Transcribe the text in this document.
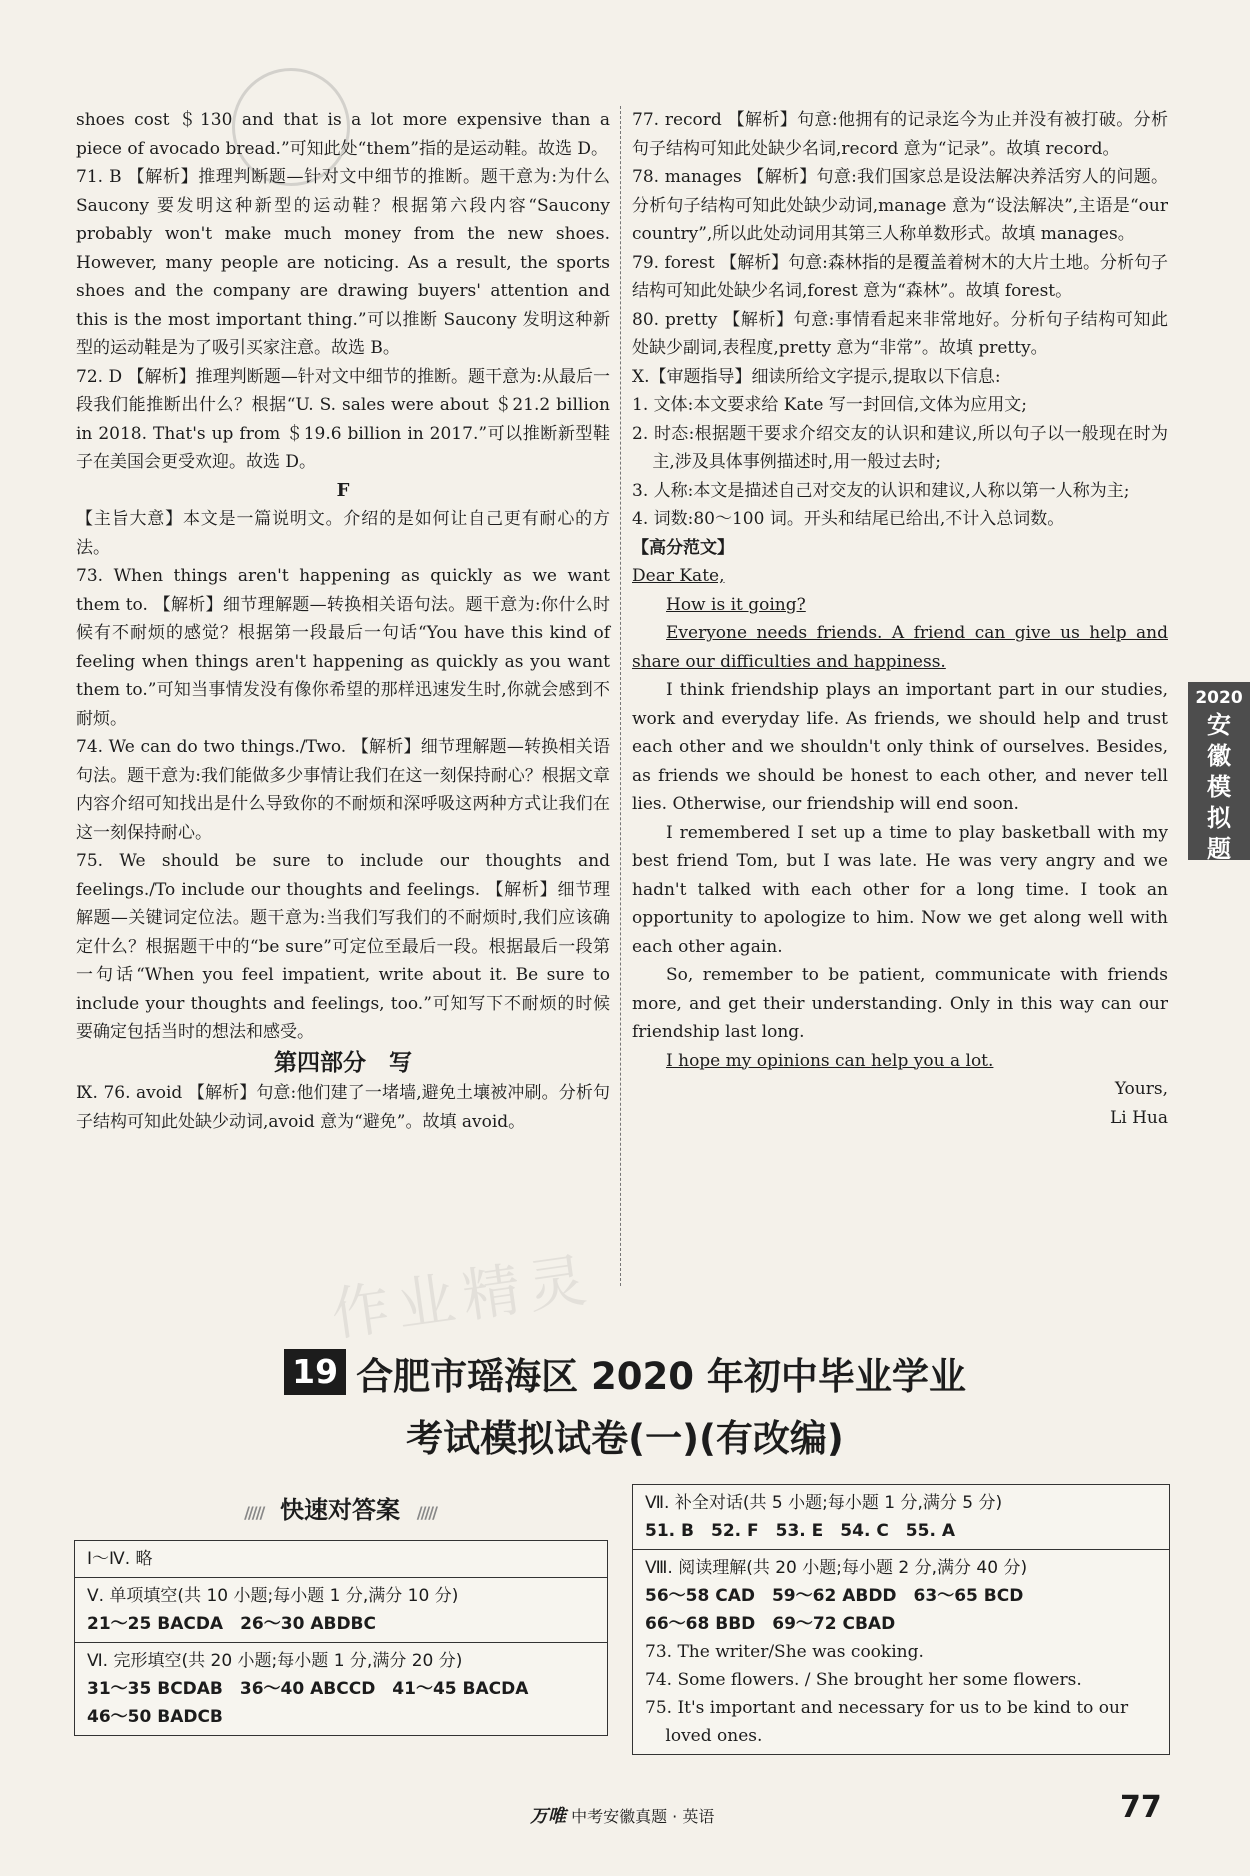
shoes cost ＄130 and that is a lot more expensive than a piece of avocado bread.”可知此处“them”指的是运动鞋。故选 D。

71. B 【解析】推理判断题—针对文中细节的推断。题干意为:为什么 Saucony 要发明这种新型的运动鞋？根据第六段内容“Saucony probably won't make much money from the new shoes. However, many people are noticing. As a result, the sports shoes and the company are drawing buyers' attention and this is the most important thing.”可以推断 Saucony 发明这种新型的运动鞋是为了吸引买家注意。故选 B。

72. D 【解析】推理判断题—针对文中细节的推断。题干意为:从最后一段我们能推断出什么？根据“U. S. sales were about ＄21.2 billion in 2018. That's up from ＄19.6 billion in 2017.”可以推断新型鞋子在美国会更受欢迎。故选 D。

F

【主旨大意】本文是一篇说明文。介绍的是如何让自己更有耐心的方法。

73. When things aren't happening as quickly as we want them to. 【解析】细节理解题—转换相关语句法。题干意为:你什么时候有不耐烦的感觉？根据第一段最后一句话“You have this kind of feeling when things aren't happening as quickly as you want them to.”可知当事情发没有像你希望的那样迅速发生时,你就会感到不耐烦。

74. We can do two things./Two. 【解析】细节理解题—转换相关语句法。题干意为:我们能做多少事情让我们在这一刻保持耐心？根据文章内容介绍可知找出是什么导致你的不耐烦和深呼吸这两种方式让我们在这一刻保持耐心。

75. We should be sure to include our thoughts and feelings./To include our thoughts and feelings. 【解析】细节理解题—关键词定位法。题干意为:当我们写我们的不耐烦时,我们应该确定什么？根据题干中的“be sure”可定位至最后一段。根据最后一段第一句话“When you feel impatient, write about it. Be sure to include your thoughts and feelings, too.”可知写下不耐烦的时候要确定包括当时的想法和感受。

第四部分　写

Ⅸ. 76. avoid 【解析】句意:他们建了一堵墙,避免土壤被冲刷。分析句子结构可知此处缺少动词,avoid 意为“避免”。故填 avoid。

77. record 【解析】句意:他拥有的记录迄今为止并没有被打破。分析句子结构可知此处缺少名词,record 意为“记录”。故填 record。

78. manages 【解析】句意:我们国家总是设法解决养活穷人的问题。分析句子结构可知此处缺少动词,manage 意为“设法解决”,主语是“our country”,所以此处动词用其第三人称单数形式。故填 manages。

79. forest 【解析】句意:森林指的是覆盖着树木的大片土地。分析句子结构可知此处缺少名词,forest 意为“森林”。故填 forest。

80. pretty 【解析】句意:事情看起来非常地好。分析句子结构可知此处缺少副词,表程度,pretty 意为“非常”。故填 pretty。

Ⅹ.【审题指导】细读所给文字提示,提取以下信息:

1. 文体:本文要求给 Kate 写一封回信,文体为应用文;

2. 时态:根据题干要求介绍交友的认识和建议,所以句子以一般现在时为主,涉及具体事例描述时,用一般过去时;

3. 人称:本文是描述自己对交友的认识和建议,人称以第一人称为主;

4. 词数:80～100 词。开头和结尾已给出,不计入总词数。

【高分范文】

Dear Kate,

How is it going?

Everyone needs friends. A friend can give us help and share our difficulties and happiness.

I think friendship plays an important part in our studies, work and everyday life. As friends, we should help and trust each other and we shouldn't only think of ourselves. Besides, as friends we should be honest to each other, and never tell lies. Otherwise, our friendship will end soon.

I remembered I set up a time to play basketball with my best friend Tom, but I was late. He was very angry and we hadn't talked with each other for a long time. I took an opportunity to apologize to him. Now we get along well with each other again.

So, remember to be patient, communicate with friends more, and get their understanding. Only in this way can our friendship last long.

I hope my opinions can help you a lot.

Yours,

Li Hua

2020
安徽模拟题
作业精灵
19 合肥市瑶海区 2020 年初中毕业学业
考试模拟试卷(一)(有改编)
///// 快速对答案 /////
Ⅰ～Ⅳ. 略
Ⅴ. 单项填空(共 10 小题;每小题 1 分,满分 10 分)
21～25 BACDA　26～30 ABDBC
Ⅵ. 完形填空(共 20 小题;每小题 1 分,满分 20 分)
31～35 BCDAB　36～40 ABCCD　41～45 BACDA
46～50 BADCB
Ⅶ. 补全对话(共 5 小题;每小题 1 分,满分 5 分)
51. B　52. F　53. E　54. C　55. A
Ⅷ. 阅读理解(共 20 小题;每小题 2 分,满分 40 分)
56～58 CAD　59～62 ABDD　63～65 BCD
66～68 BBD　69～72 CBAD
73. The writer/She was cooking.
74. Some flowers. / She brought her some flowers.
75. It's important and necessary for us to be kind to our loved ones.
万唯 中考安徽真题 · 英语	77
